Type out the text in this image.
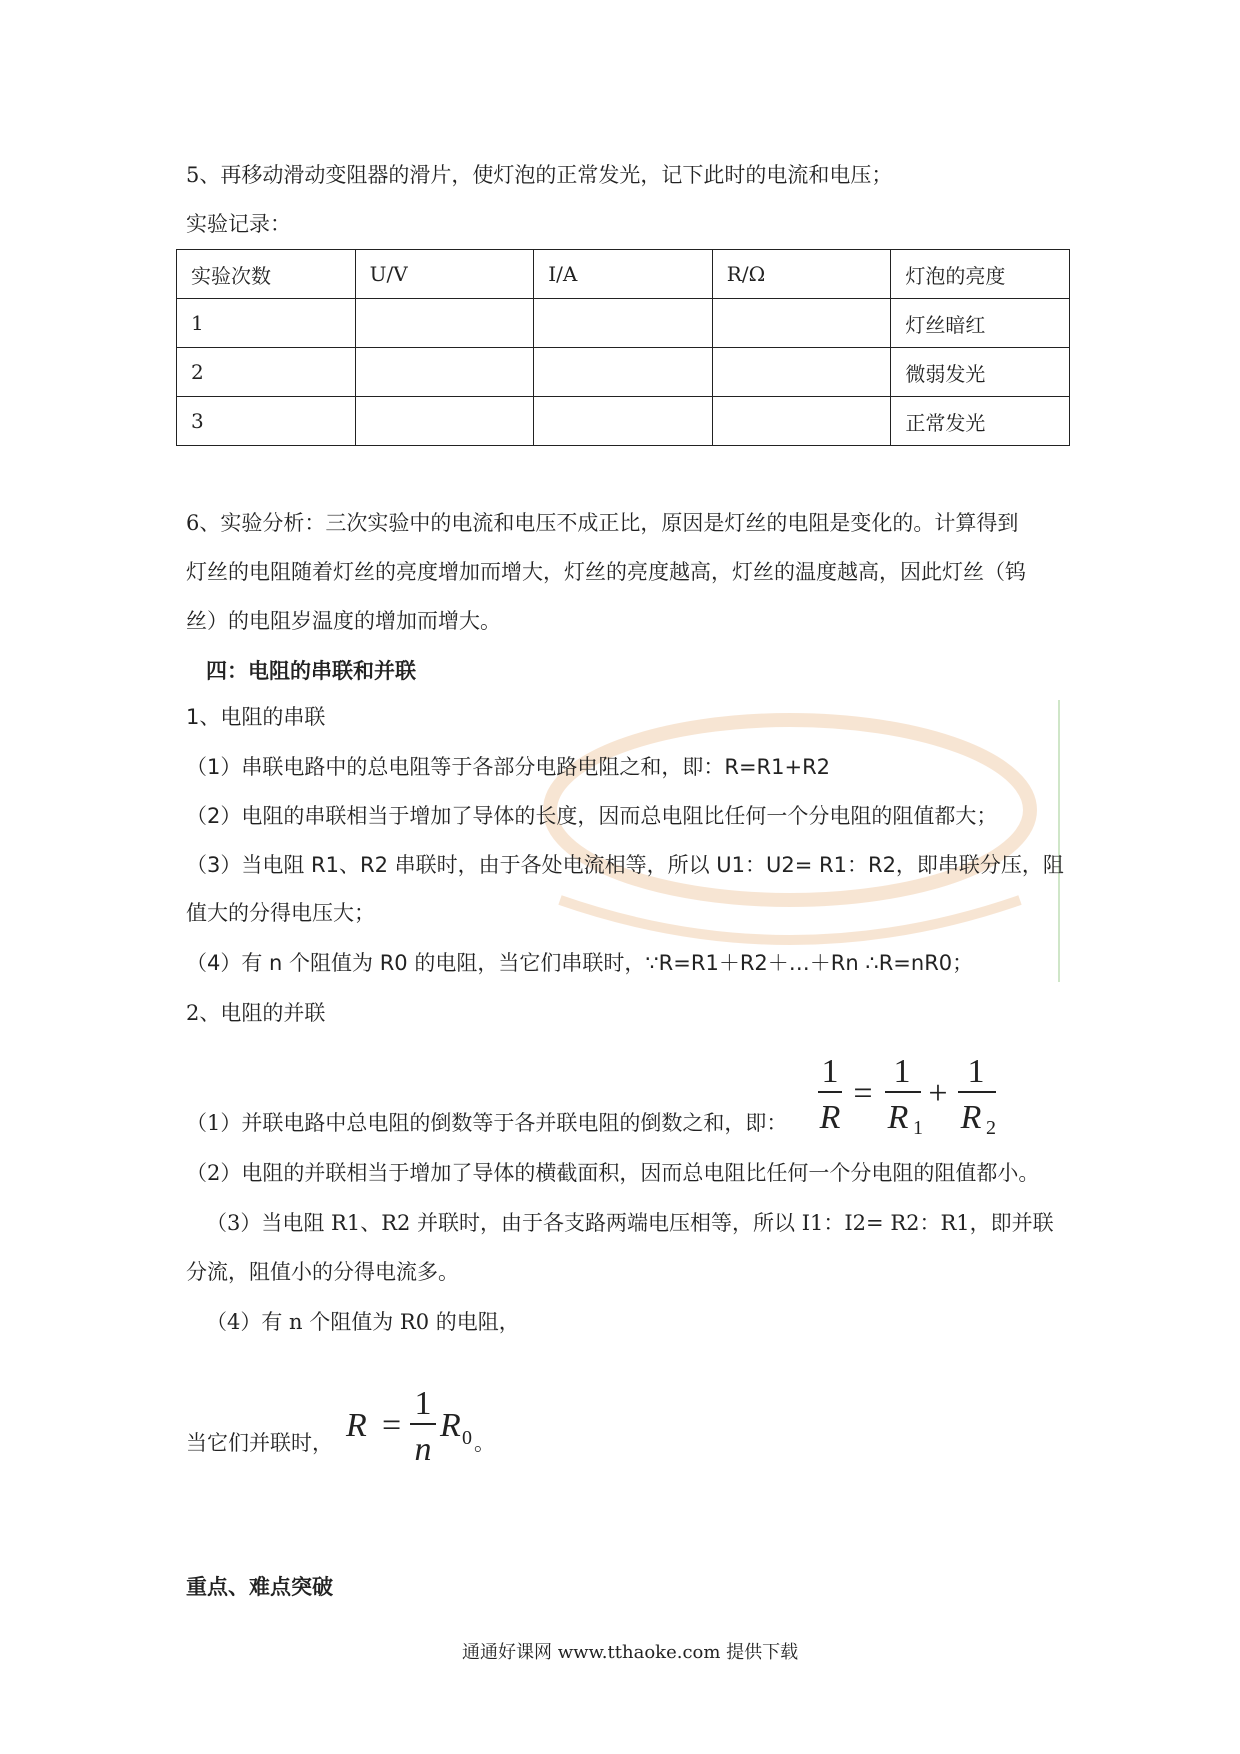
5、再移动滑动变阻器的滑片，使灯泡的正常发光，记下此时的电流和电压；
实验记录：
实验次数	U/V	I/A	R/Ω	灯泡的亮度
1				灯丝暗红
2				微弱发光
3				正常发光
6、实验分析：三次实验中的电流和电压不成正比，原因是灯丝的电阻是变化的。计算得到
灯丝的电阻随着灯丝的亮度增加而增大，灯丝的亮度越高，灯丝的温度越高，因此灯丝（钨
丝）的电阻岁温度的增加而增大。
四：电阻的串联和并联
1、电阻的串联
（1）串联电路中的总电阻等于各部分电路电阻之和，即：R=R1+R2
（2）电阻的串联相当于增加了导体的长度，因而总电阻比任何一个分电阻的阻值都大；
（3）当电阻 R1、R2 串联时，由于各处电流相等，所以 U1：U2= R1：R2，即串联分压，阻
值大的分得电压大；
（4）有 n 个阻值为 R0 的电阻，当它们串联时，∵R=R1＋R2＋…＋Rn ∴R=nR0；
2、电阻的并联
1
R
=
1
R 1
+
1
R 2
（1）并联电路中总电阻的倒数等于各并联电阻的倒数之和，即：
（2）电阻的并联相当于增加了导体的横截面积，因而总电阻比任何一个分电阻的阻值都小。
（3）当电阻 R1、R2 并联时，由于各支路两端电压相等，所以 I1：I2= R2：R1，即并联
分流，阻值小的分得电流多。
（4）有 n 个阻值为 R0 的电阻，
当它们并联时， R =
1
n
R 0 。
重点、难点突破
通通好课网 www.tthaoke.com 提供下载
